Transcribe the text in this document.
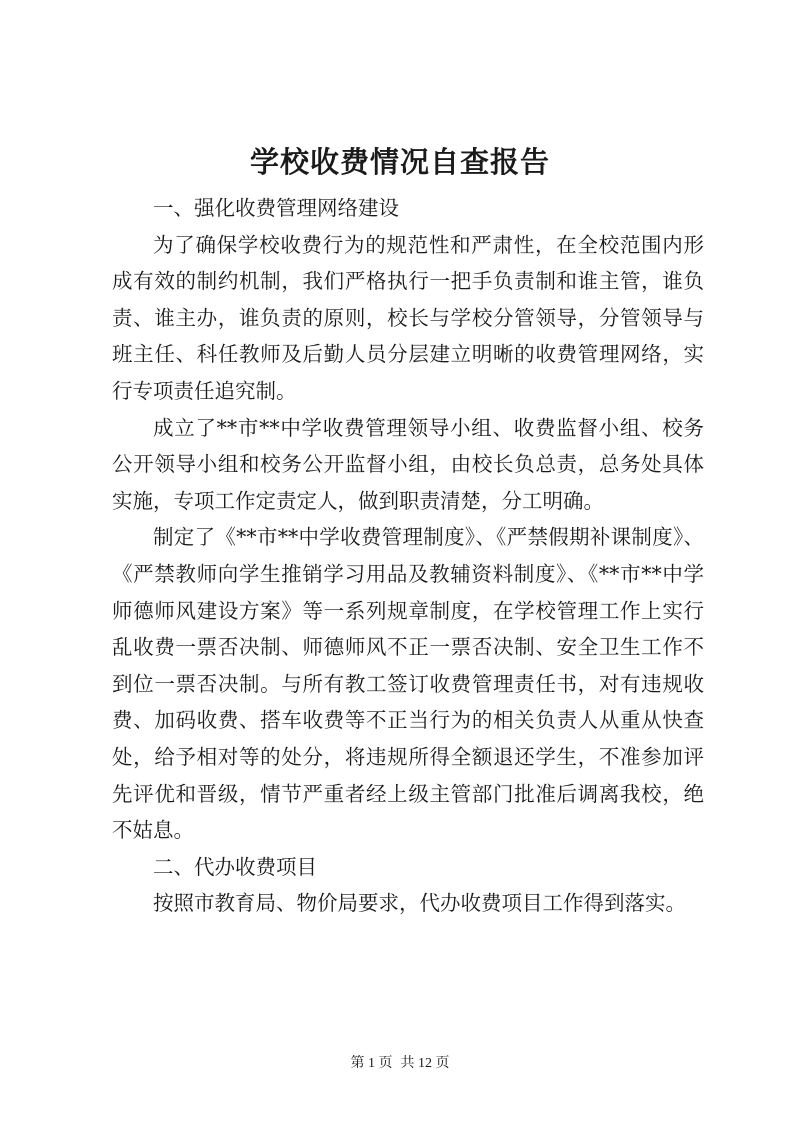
学校收费情况自查报告

一、强化收费管理网络建设

为了确保学校收费行为的规范性和严肃性，在全校范围内形成有效的制约机制，我们严格执行一把手负责制和谁主管，谁负责、谁主办，谁负责的原则，校长与学校分管领导，分管领导与班主任、科任教师及后勤人员分层建立明晰的收费管理网络，实行专项责任追究制。

成立了**市**中学收费管理领导小组、收费监督小组、校务公开领导小组和校务公开监督小组，由校长负总责，总务处具体实施，专项工作定责定人，做到职责清楚，分工明确。

制定了《**市**中学收费管理制度》、《严禁假期补课制度》、《严禁教师向学生推销学习用品及教辅资料制度》、《**市**中学师德师风建设方案》等一系列规章制度，在学校管理工作上实行乱收费一票否决制、师德师风不正一票否决制、安全卫生工作不到位一票否决制。与所有教工签订收费管理责任书，对有违规收费、加码收费、搭车收费等不正当行为的相关负责人从重从快查处，给予相对等的处分，将违规所得全额退还学生，不准参加评先评优和晋级，情节严重者经上级主管部门批准后调离我校，绝不姑息。

二、代办收费项目

按照市教育局、物价局要求，代办收费项目工作得到落实。

第 1 页 共 12 页
